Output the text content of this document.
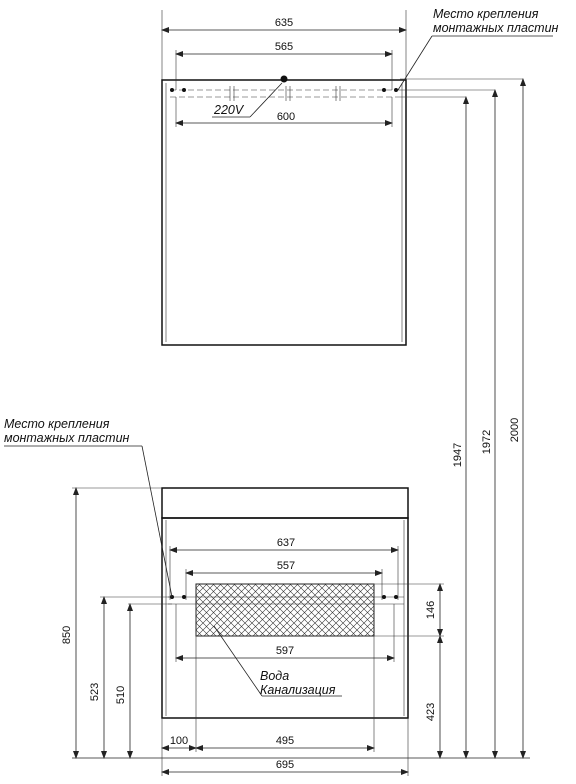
635
565
220V	600
Место крепления
монтажных пластин
1947
1972 2000
637
557
597
Вода
Канализация
Место крепления
монтажных пластин
850
523 510
146
423
100	495
695
